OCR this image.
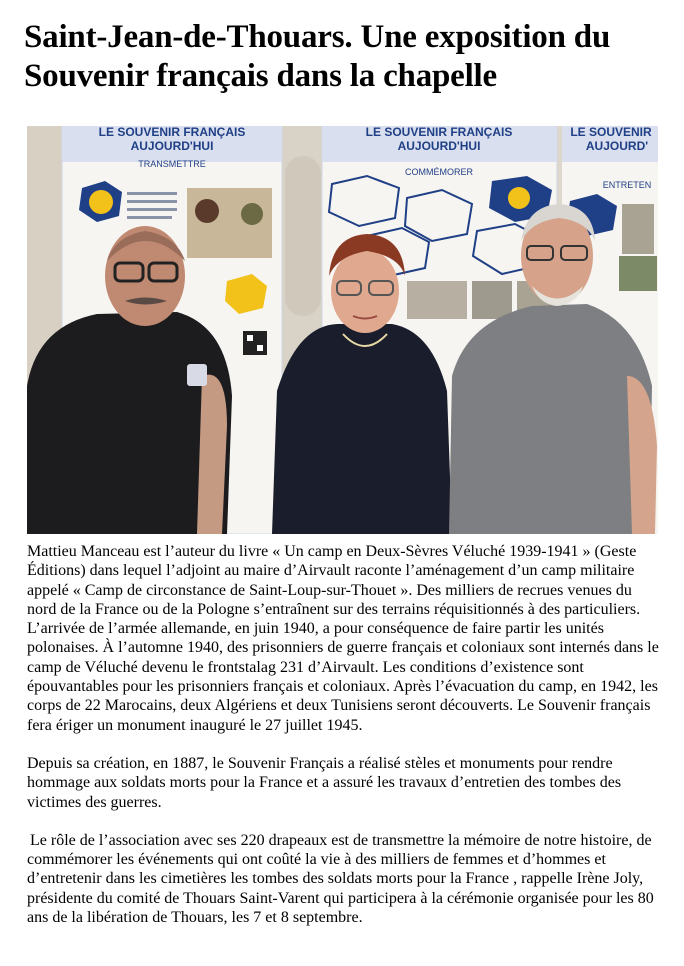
Saint-Jean-de-Thouars. Une exposition du Souvenir français dans la chapelle
LE SOUVENIR FRANÇAIS
AUJOURD'HUI
TRANSMETTRE
LE SOUVENIR FRANÇAIS
AUJOURD'HUI
COMMÉMORER
LE SOUVENIR
AUJOURD'
ENTRETEN

Mattieu Manceau est l’auteur du livre « Un camp en Deux-Sèvres Véluché 1939-1941 » (Geste Éditions) dans lequel l’adjoint au maire d’Airvault raconte l’aménagement d’un camp militaire appelé « Camp de circonstance de Saint-Loup-sur-Thouet ». Des milliers de recrues venues du nord de la France ou de la Pologne s’entraînent sur des terrains réquisitionnés à des particuliers. L’arrivée de l’armée allemande, en juin 1940, a pour conséquence de faire partir les unités polonaises. À l’automne 1940, des prisonniers de guerre français et coloniaux sont internés dans le camp de Véluché devenu le frontstalag 231 d’Airvault. Les conditions d’existence sont épouvantables pour les prisonniers français et coloniaux. Après l’évacuation du camp, en 1942, les corps de 22 Marocains, deux Algériens et deux Tunisiens seront découverts. Le Souvenir français fera ériger un monument inauguré le 27 juillet 1945.

Depuis sa création, en 1887, le Souvenir Français a réalisé stèles et monuments pour rendre hommage aux soldats morts pour la France et a assuré les travaux d’entretien des tombes des victimes des guerres.

Le rôle de l’association avec ses 220 drapeaux est de transmettre la mémoire de notre histoire, de commémorer les événements qui ont coûté la vie à des milliers de femmes et d’hommes et d’entretenir dans les cimetières les tombes des soldats morts pour la France , rappelle Irène Joly, présidente du comité de Thouars Saint-Varent qui participera à la cérémonie organisée pour les 80 ans de la libération de Thouars, les 7 et 8 septembre.
